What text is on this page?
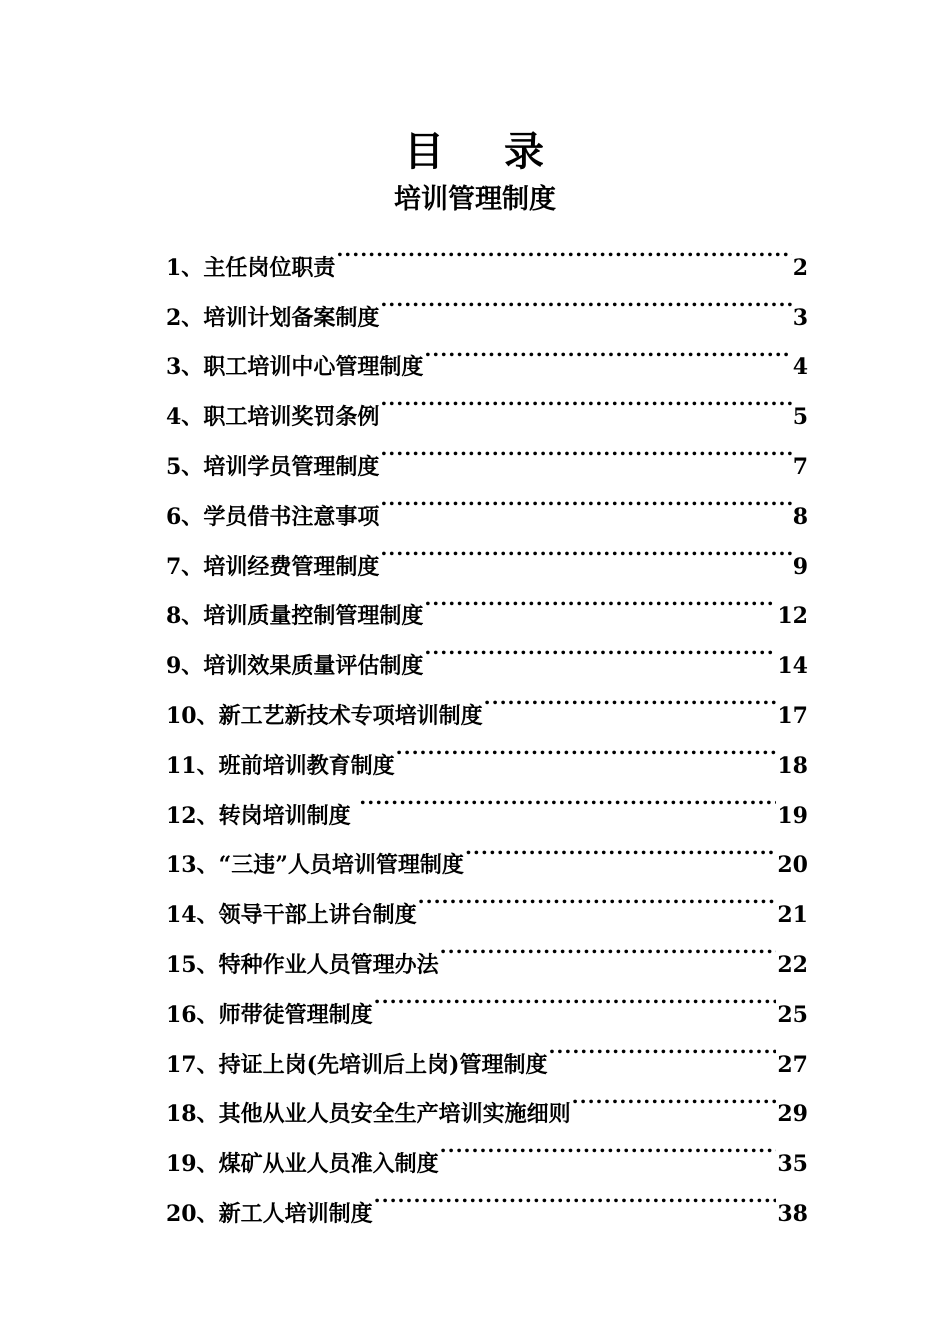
目 录
培训管理制度
1、 主任岗位职责 .....	2
2、 培训计划备案制度 .....	3
3、 职工培训中心管理制度 .....	4
4、 职工培训奖罚条例 .....	5
5、 培训学员管理制度 .....	7
6、 学员借书注意事项 .....	8
7、 培训经费管理制度 .....	9
8、 培训质量控制管理制度 .....	12
9、 培训效果质量评估制度 .....	14
10、 新工艺新技术专项培训制度 .....	17
11、 班前培训教育制度 .....	18
12、 转岗培训制度 .....	19
13、 “三违”人员培训管理制度 .....	20
14、 领导干部上讲台制度 .....	21
15、 特种作业人员管理办法 .....	22
16、 师带徒管理制度 .....	25
17、 持证上岗(先培训后上岗)管理制度 .....	27
18、 其他从业人员安全生产培训实施细则 .....	29
19、 煤矿从业人员准入制度 .....	35
20、 新工人培训制度 .....	38
